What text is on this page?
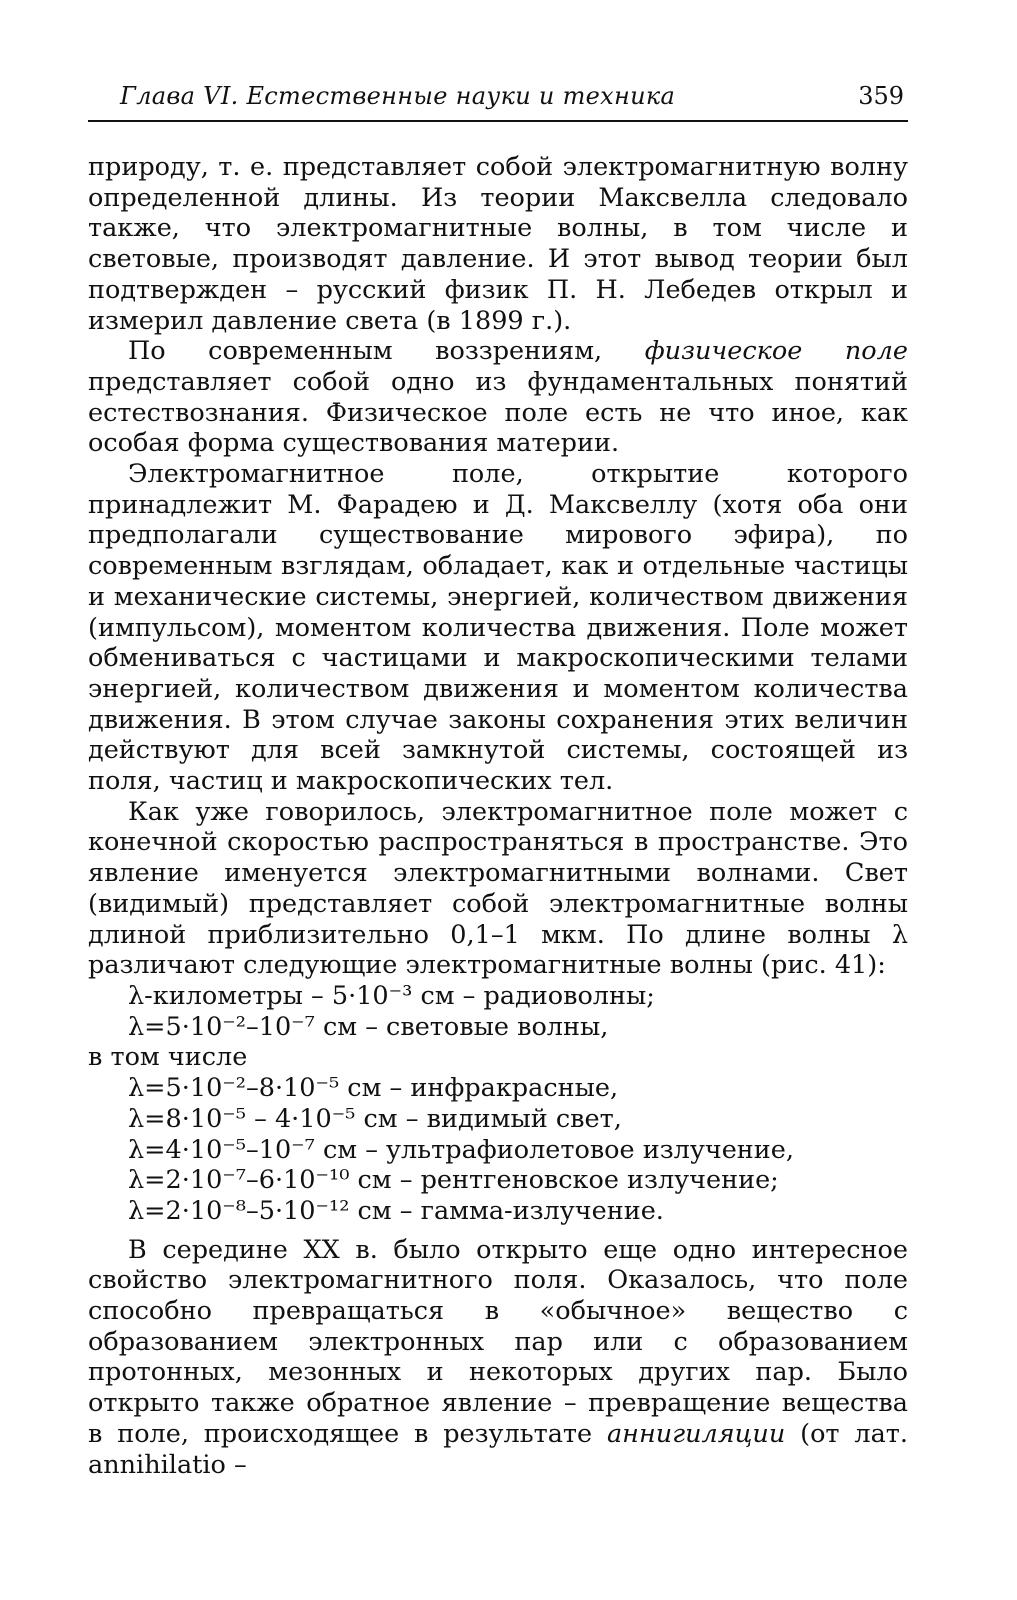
Глава VI. Естественные науки и техника	359

природу, т. е. представляет собой электромагнитную волну определенной длины. Из теории Максвелла следовало также, что электромагнитные волны, в том числе и световые, производят давление. И этот вывод теории был подтвержден – русский физик П. Н. Лебедев открыл и измерил давление света (в 1899 г.).

По современным воззрениям, физическое поле представляет собой одно из фундаментальных понятий естествознания. Физическое поле есть не что иное, как особая форма существования материи.

Электромагнитное поле, открытие которого принадлежит М. Фарадею и Д. Максвеллу (хотя оба они предполагали существование мирового эфира), по современным взглядам, обладает, как и отдельные частицы и механические системы, энергией, количеством движения (импульсом), моментом количества движения. Поле может обмениваться с частицами и макроскопическими телами энергией, количеством движения и моментом количества движения. В этом случае законы сохранения этих величин действуют для всей замкнутой системы, состоящей из поля, частиц и макроскопических тел.

Как уже говорилось, электромагнитное поле может с конечной скоростью распространяться в пространстве. Это явление именуется электромагнитными волнами. Свет (видимый) представляет собой электромагнитные волны длиной приблизительно 0,1–1 мкм. По длине волны λ различают следующие электромагнитные волны (рис. 41):

λ-километры – 5·10⁻³ см – радиоволны;
λ=5·10⁻²–10⁻⁷ см – световые волны,
в том числе
λ=5·10⁻²–8·10⁻⁵ см – инфракрасные,
λ=8·10⁻⁵ – 4·10⁻⁵ см – видимый свет,
λ=4·10⁻⁵–10⁻⁷ см – ультрафиолетовое излучение,
λ=2·10⁻⁷–6·10⁻¹⁰ см – рентгеновское излучение;
λ=2·10⁻⁸–5·10⁻¹² см – гамма-излучение.

В середине XX в. было открыто еще одно интересное свойство электромагнитного поля. Оказалось, что поле способно превращаться в «обычное» вещество с образованием электронных пар или с образованием протонных, мезонных и некоторых других пар. Было открыто также обратное явление – превращение вещества в поле, происходящее в результате аннигиляции (от лат. annihilatio –
